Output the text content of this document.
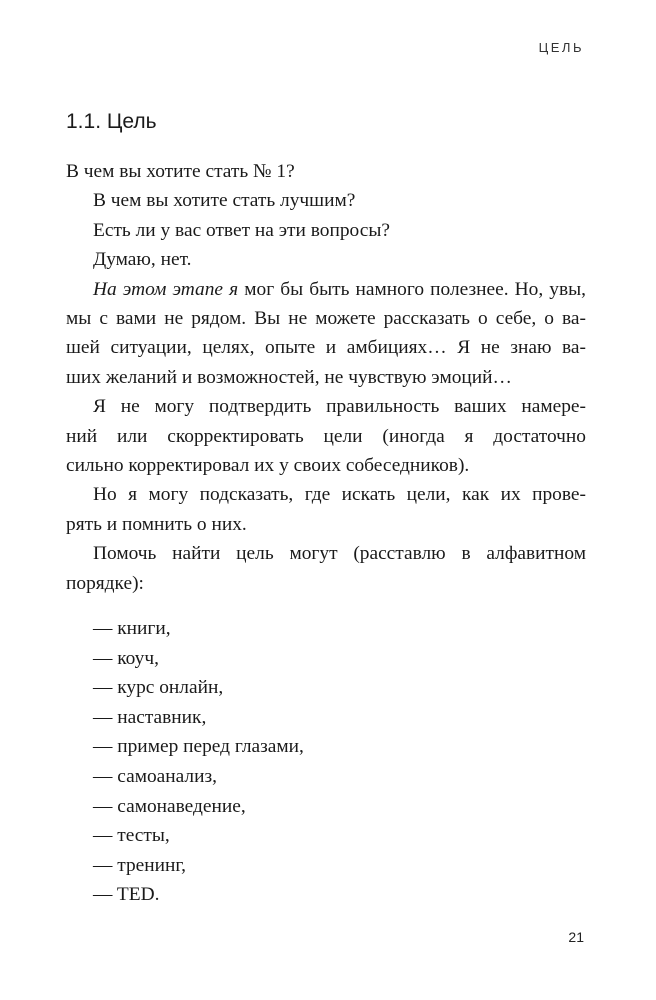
ЦЕЛЬ
1.1. Цель
В чем вы хотите стать № 1?
В чем вы хотите стать лучшим?
Есть ли у вас ответ на эти вопросы?
Думаю, нет.
На этом этапе я мог бы быть намного полезнее. Но, увы,
мы с вами не рядом. Вы не можете рассказать о себе, о ва-
шей ситуации, целях, опыте и амбициях… Я не знаю ва-
ших желаний и возможностей, не чувствую эмоций…
Я не могу подтвердить правильность ваших намере-
ний или скорректировать цели (иногда я достаточно
сильно корректировал их у своих собеседников).
Но я могу подсказать, где искать цели, как их прове-
рять и помнить о них.
Помочь найти цель могут (расставлю в алфавитном
порядке):
— книги,
— коуч,
— курс онлайн,
— наставник,
— пример перед глазами,
— самоанализ,
— самонаведение,
— тесты,
— тренинг,
— TED.
21
